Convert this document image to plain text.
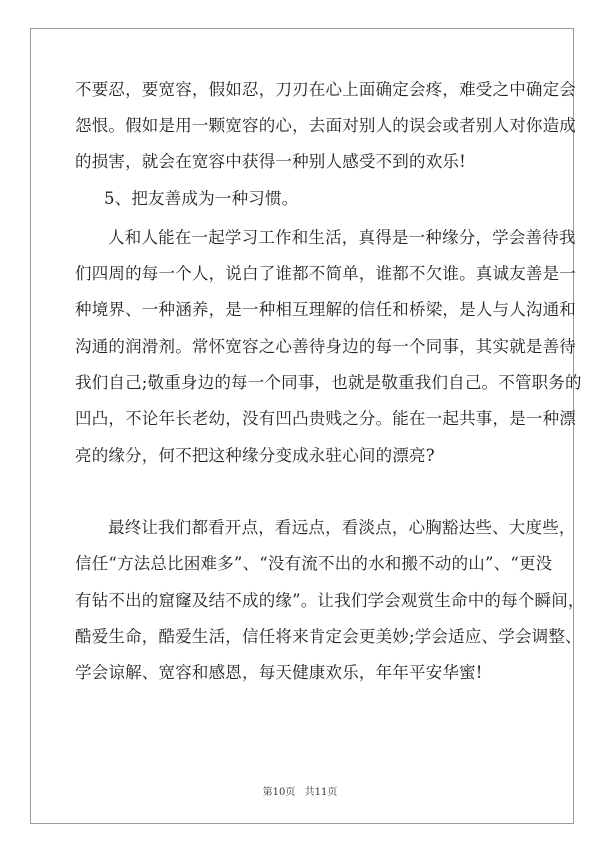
不要忍，要宽容，假如忍，刀刃在心上面确定会疼，难受之中确定会
怨恨。假如是用一颗宽容的心，去面对别人的误会或者别人对你造成
的损害，就会在宽容中获得一种别人感受不到的欢乐!
5、把友善成为一种习惯。
人和人能在一起学习工作和生活，真得是一种缘分，学会善待我
们四周的每一个人，说白了谁都不简单，谁都不欠谁。真诚友善是一
种境界、一种涵养，是一种相互理解的信任和桥梁，是人与人沟通和
沟通的润滑剂。常怀宽容之心善待身边的每一个同事，其实就是善待
我们自己;敬重身边的每一个同事，也就是敬重我们自己。不管职务的
凹凸，不论年长老幼，没有凹凸贵贱之分。能在一起共事，是一种漂
亮的缘分，何不把这种缘分变成永驻心间的漂亮?
最终让我们都看开点，看远点，看淡点，心胸豁达些、大度些，
信任“方法总比困难多”、“没有流不出的水和搬不动的山”、“更没
有钻不出的窟窿及结不成的缘”。让我们学会观赏生命中的每个瞬间，
酷爱生命，酷爱生活，信任将来肯定会更美妙;学会适应、学会调整、
学会谅解、宽容和感恩，每天健康欢乐，年年平安华蜜!
第10页 共11页
